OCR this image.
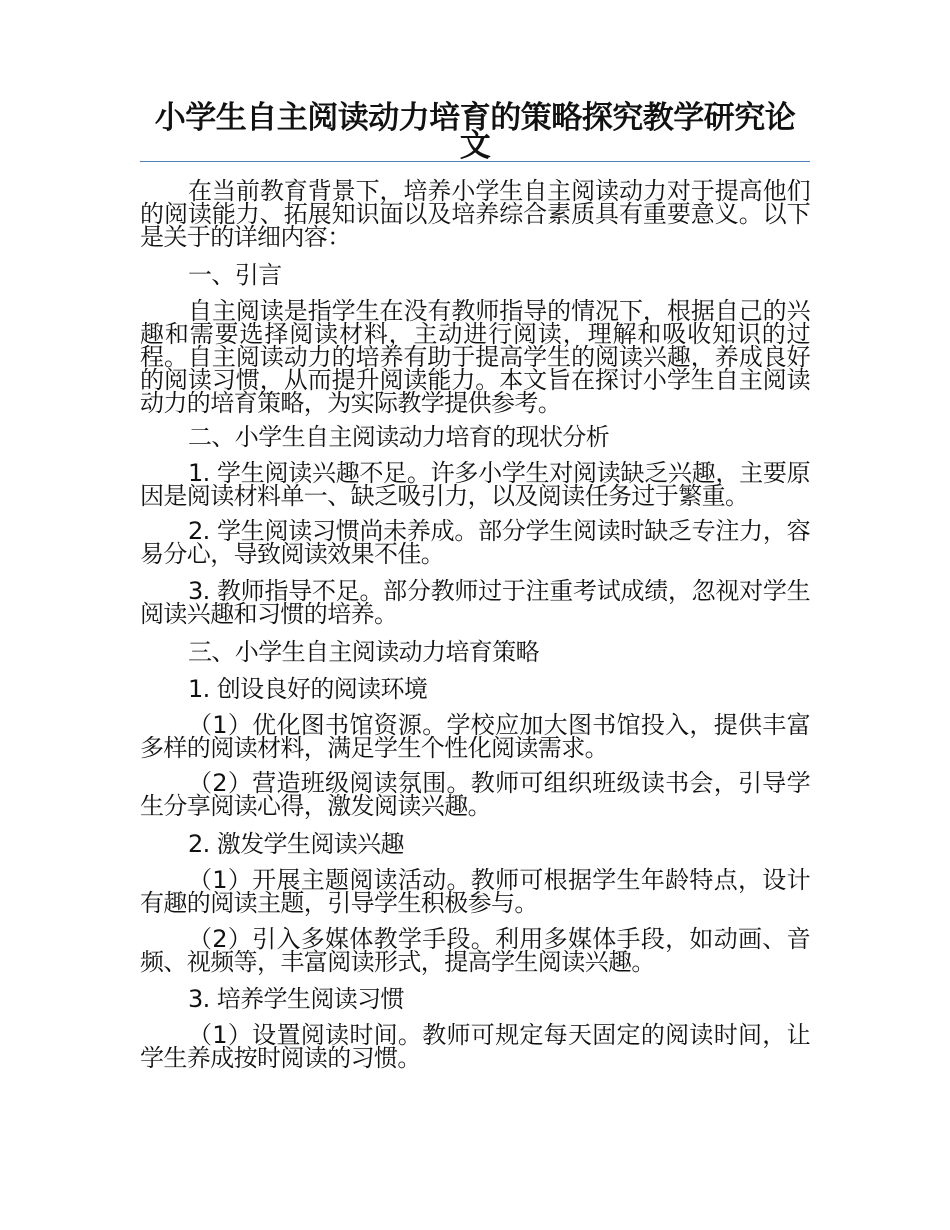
小学生自主阅读动力培育的策略探究教学研究论文

在当前教育背景下，培养小学生自主阅读动力对于提高他们的阅读能力、拓展知识面以及培养综合素质具有重要意义。以下是关于的详细内容：

一、引言

自主阅读是指学生在没有教师指导的情况下，根据自己的兴趣和需要选择阅读材料，主动进行阅读，理解和吸收知识的过程。自主阅读动力的培养有助于提高学生的阅读兴趣，养成良好的阅读习惯，从而提升阅读能力。本文旨在探讨小学生自主阅读动力的培育策略，为实际教学提供参考。

二、小学生自主阅读动力培育的现状分析

1. 学生阅读兴趣不足。许多小学生对阅读缺乏兴趣，主要原因是阅读材料单一、缺乏吸引力，以及阅读任务过于繁重。

2. 学生阅读习惯尚未养成。部分学生阅读时缺乏专注力，容易分心，导致阅读效果不佳。

3. 教师指导不足。部分教师过于注重考试成绩，忽视对学生阅读兴趣和习惯的培养。

三、小学生自主阅读动力培育策略

1. 创设良好的阅读环境

（1）优化图书馆资源。学校应加大图书馆投入，提供丰富多样的阅读材料，满足学生个性化阅读需求。

（2）营造班级阅读氛围。教师可组织班级读书会，引导学生分享阅读心得，激发阅读兴趣。

2. 激发学生阅读兴趣

（1）开展主题阅读活动。教师可根据学生年龄特点，设计有趣的阅读主题，引导学生积极参与。

（2）引入多媒体教学手段。利用多媒体手段，如动画、音频、视频等，丰富阅读形式，提高学生阅读兴趣。

3. 培养学生阅读习惯

（1）设置阅读时间。教师可规定每天固定的阅读时间，让学生养成按时阅读的习惯。
